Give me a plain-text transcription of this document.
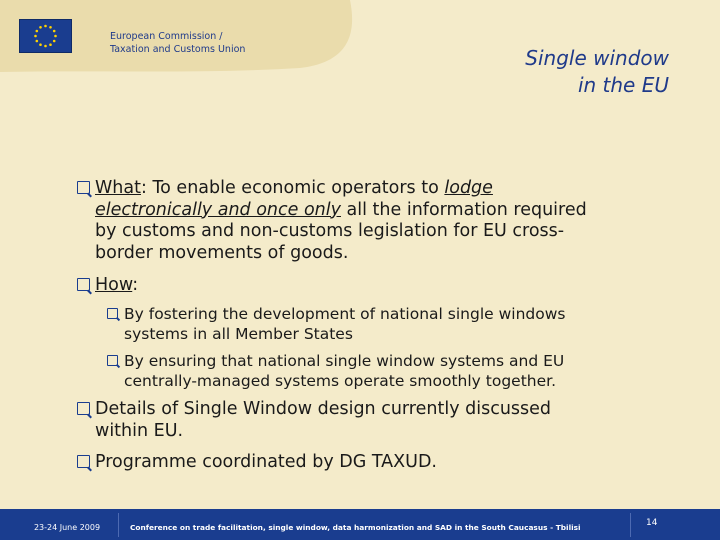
European Commission /
Taxation and Customs Union	Single window
in the EU
What: To enable economic operators to lodge
electronically and once only all the information required
by customs and non-customs legislation for EU cross-
border movements of goods.
How:
By fostering the development of national single windows
systems in all Member States
By ensuring that national single window systems and EU
centrally-managed systems operate smoothly together.
Details of Single Window design currently discussed
within EU.
Programme coordinated by DG TAXUD.
23-24 June 2009	Conference on trade facilitation, single window, data harmonization and SAD in the South Caucasus - Tbilisi	14
